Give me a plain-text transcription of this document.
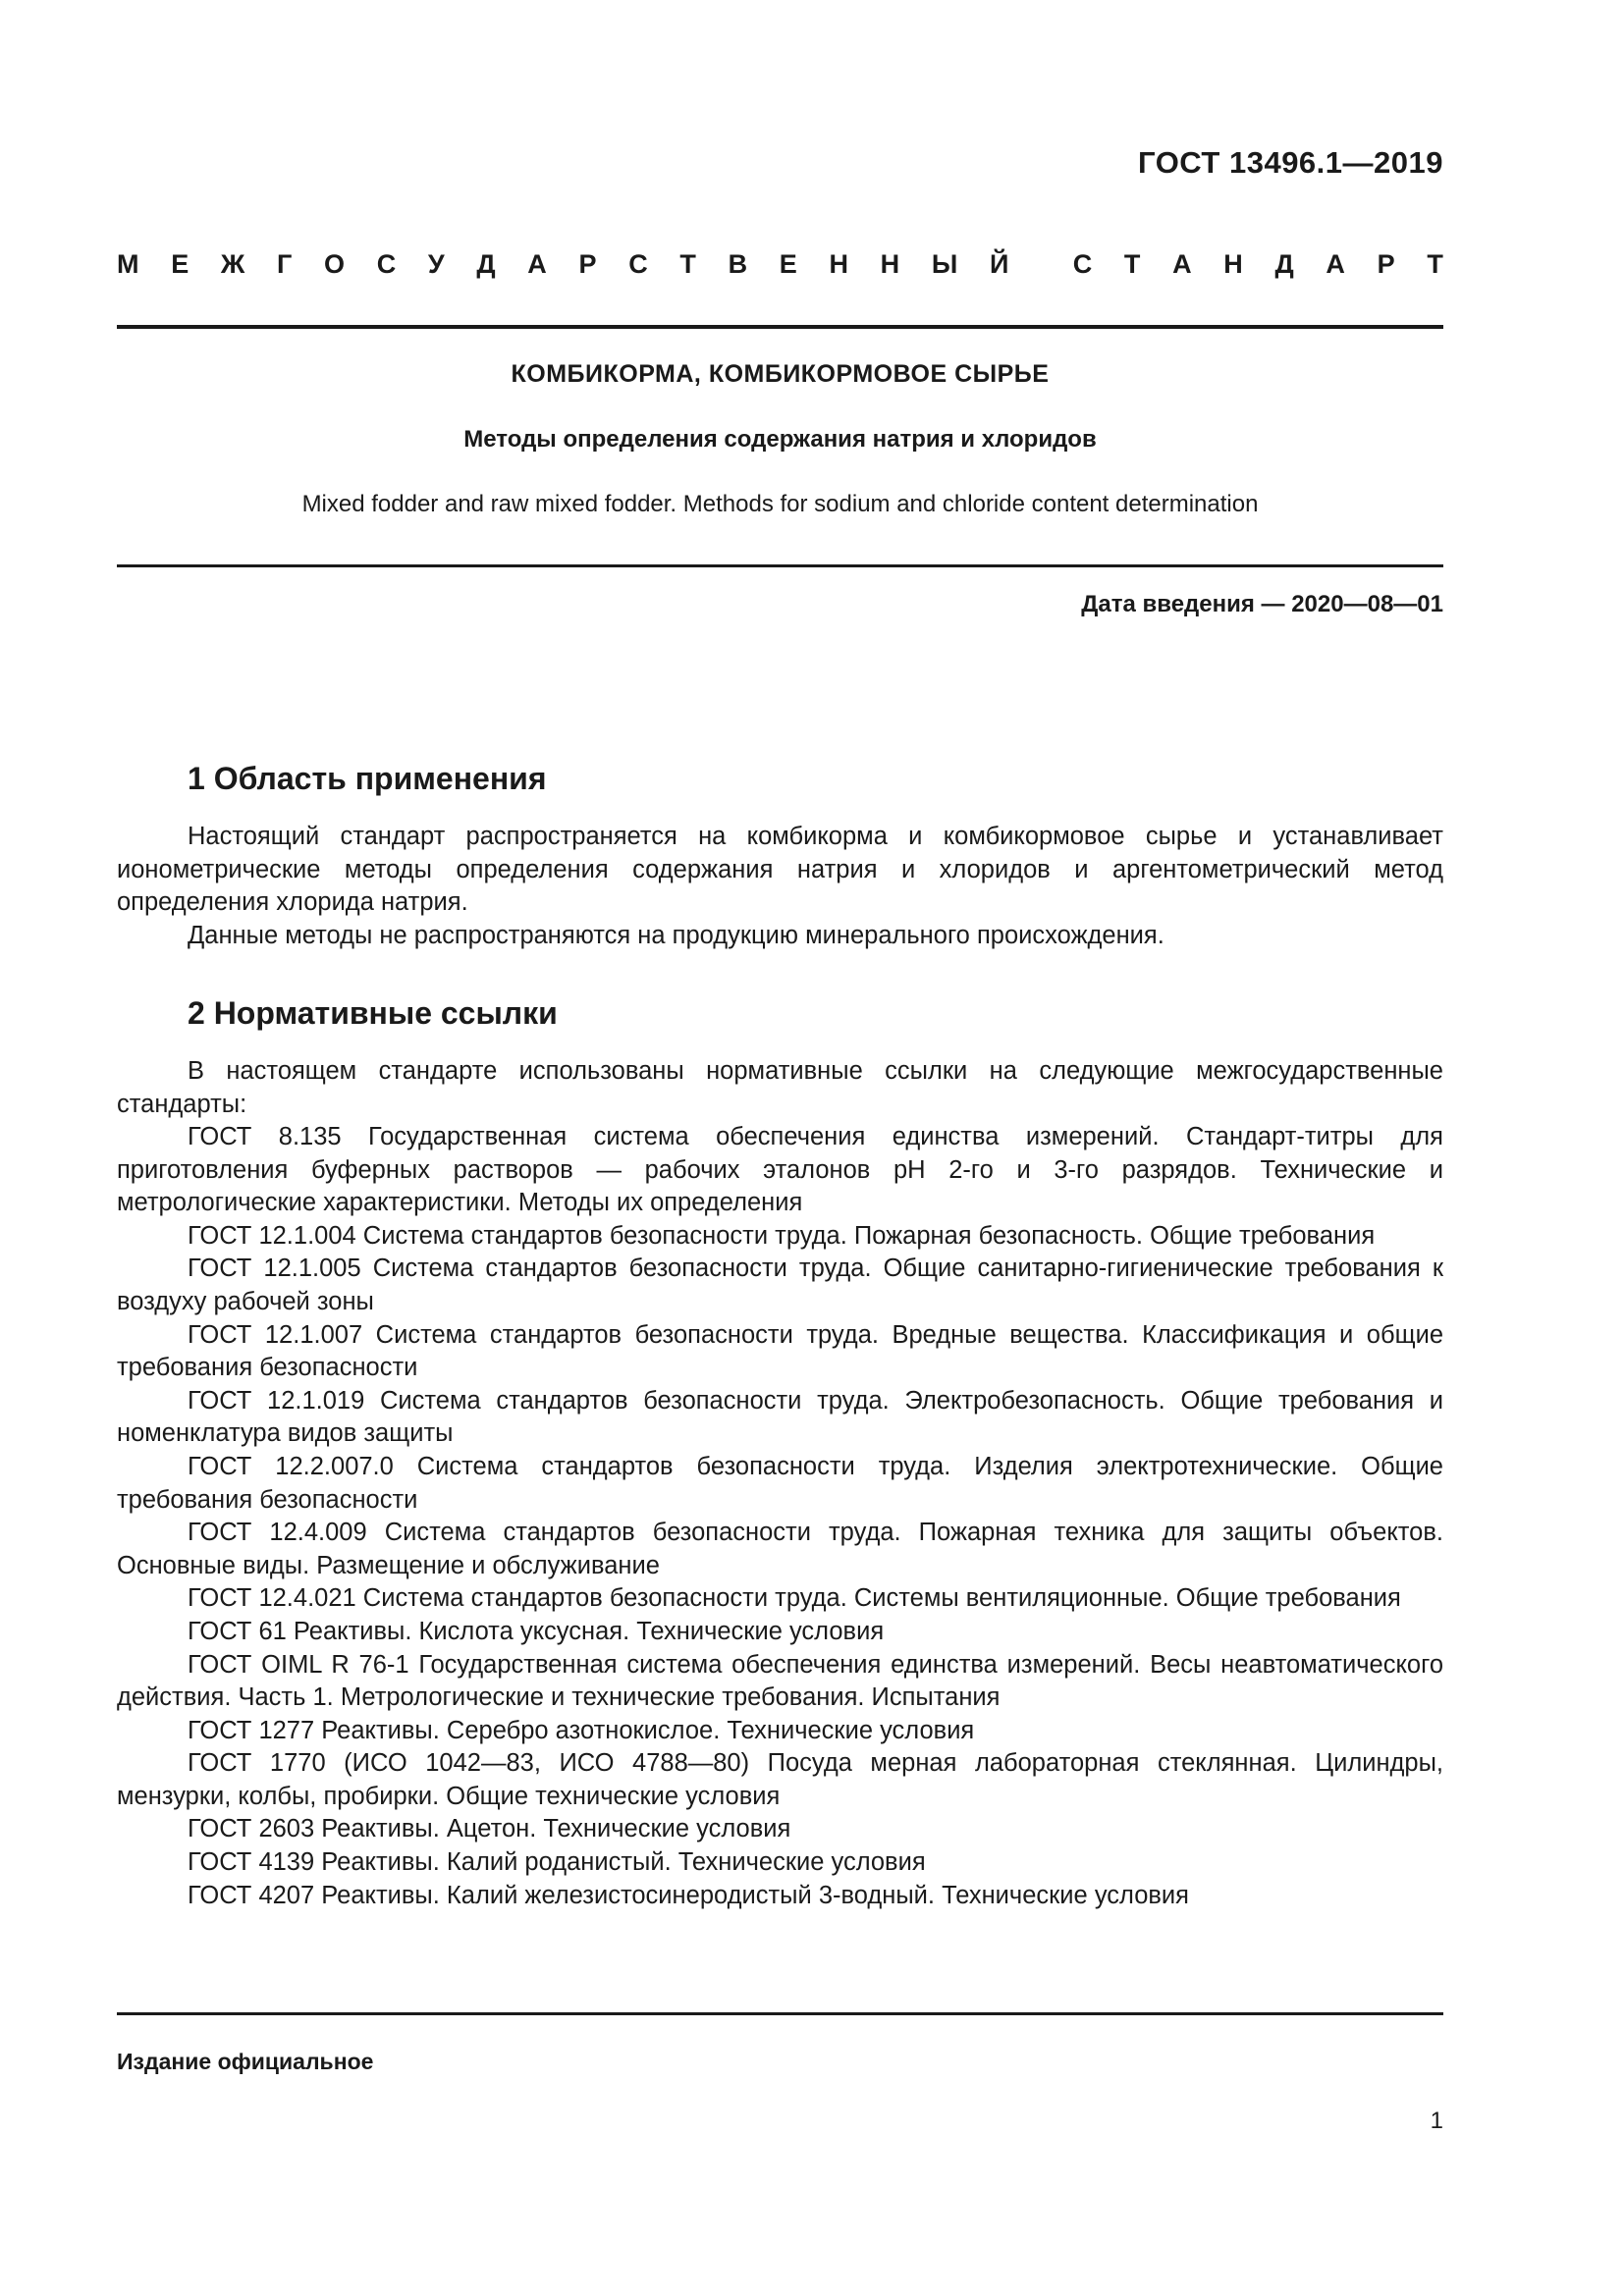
ГОСТ 13496.1—2019
М Е Ж Г О С У Д А Р С Т В Е Н Н Ы Й С Т А Н Д А Р Т
КОМБИКОРМА, КОМБИКОРМОВОЕ СЫРЬЕ
Методы определения содержания натрия и хлоридов
Mixed fodder and raw mixed fodder. Methods for sodium and chloride content determination
Дата введения — 2020—08—01
1 Область применения

Настоящий стандарт распространяется на комбикорма и комбикормовое сырье и устанавливает ионометрические методы определения содержания натрия и хлоридов и аргентометрический метод определения хлорида натрия.

Данные методы не распространяются на продукцию минерального происхождения.

2 Нормативные ссылки

В настоящем стандарте использованы нормативные ссылки на следующие межгосударственные стандарты:

ГОСТ 8.135 Государственная система обеспечения единства измерений. Стандарт-титры для приготовления буферных растворов — рабочих эталонов pH 2-го и 3-го разрядов. Технические и метрологические характеристики. Методы их определения

ГОСТ 12.1.004 Система стандартов безопасности труда. Пожарная безопасность. Общие требования

ГОСТ 12.1.005 Система стандартов безопасности труда. Общие санитарно-гигиенические требования к воздуху рабочей зоны

ГОСТ 12.1.007 Система стандартов безопасности труда. Вредные вещества. Классификация и общие требования безопасности

ГОСТ 12.1.019 Система стандартов безопасности труда. Электробезопасность. Общие требования и номенклатура видов защиты

ГОСТ 12.2.007.0 Система стандартов безопасности труда. Изделия электротехнические. Общие требования безопасности

ГОСТ 12.4.009 Система стандартов безопасности труда. Пожарная техника для защиты объектов. Основные виды. Размещение и обслуживание

ГОСТ 12.4.021 Система стандартов безопасности труда. Системы вентиляционные. Общие требования

ГОСТ 61 Реактивы. Кислота уксусная. Технические условия

ГОСТ OIML R 76-1 Государственная система обеспечения единства измерений. Весы неавтоматического действия. Часть 1. Метрологические и технические требования. Испытания

ГОСТ 1277 Реактивы. Серебро азотнокислое. Технические условия

ГОСТ 1770 (ИСО 1042—83, ИСО 4788—80) Посуда мерная лабораторная стеклянная. Цилиндры, мензурки, колбы, пробирки. Общие технические условия

ГОСТ 2603 Реактивы. Ацетон. Технические условия

ГОСТ 4139 Реактивы. Калий роданистый. Технические условия

ГОСТ 4207 Реактивы. Калий железистосинеродистый 3-водный. Технические условия

Издание официальное
1
